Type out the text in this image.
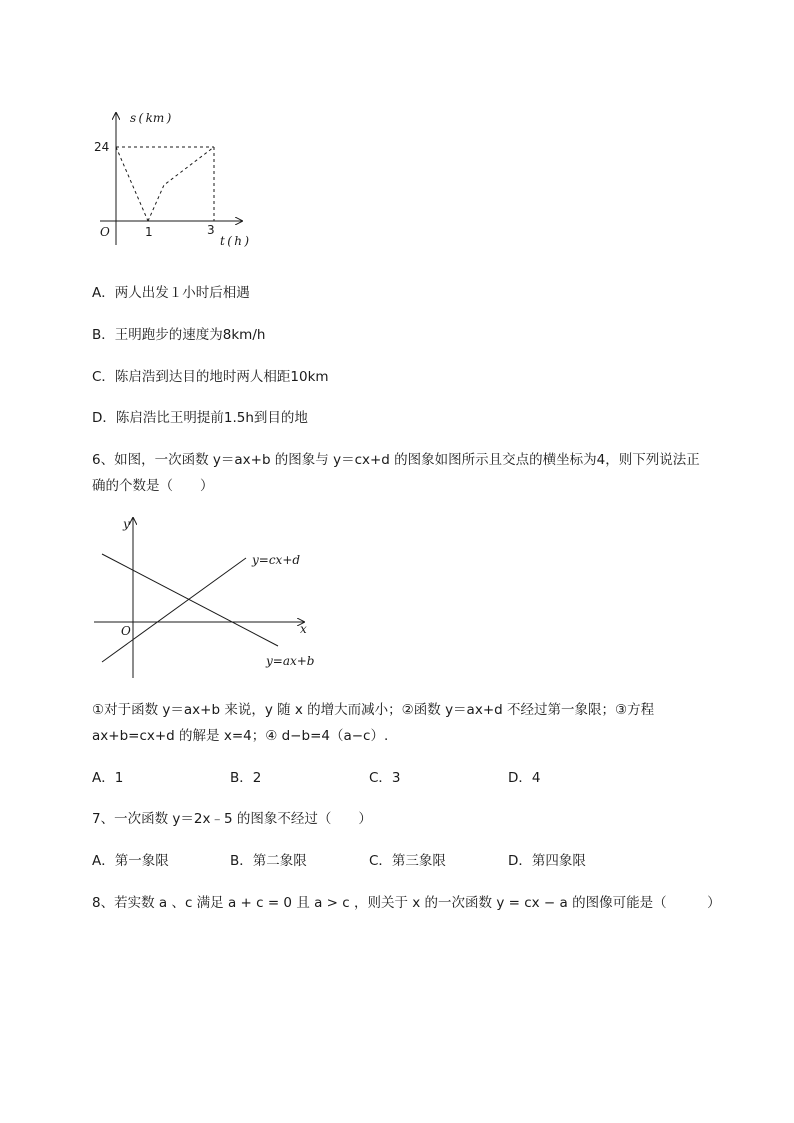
s ( km )
t ( h )
O
24
1	3
A．两人出发１小时后相遇
B．王明跑步的速度为8km/h
C．陈启浩到达目的地时两人相距10km
D．陈启浩比王明提前1.5h到目的地
6、如图，一次函数 y＝ax+b 的图象与 y＝cx+d 的图象如图所示且交点的横坐标为4，则下列说法正
确的个数是（　　）
y
x
O
y=cx+d
y=ax+b
①对于函数 y＝ax+b 来说，y 随 x 的增大而减小；②函数 y＝ax+d 不经过第一象限；③方程
ax+b=cx+d 的解是 x=4；④ d−b=4（a−c）.
A．1	B．2	C．3	D．4
7、一次函数 y＝2x﹣5 的图象不经过（　　）
A．第一象限	B．第二象限	C．第三象限	D．第四象限
8、若实数 a 、c 满足 a + c = 0 且 a > c ，则关于 x 的一次函数 y = cx − a 的图像可能是（　　　）
